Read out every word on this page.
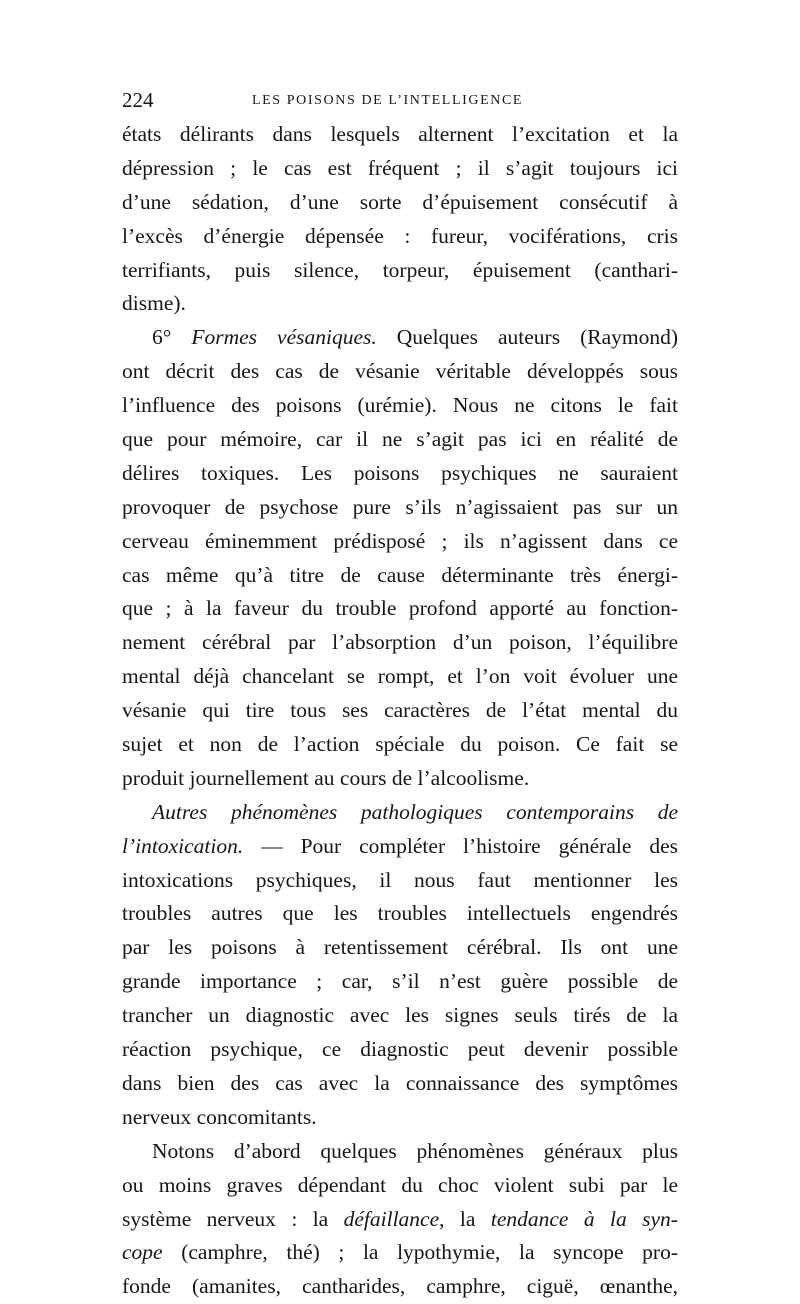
224	LES POISONS DE L’INTELLIGENCE
états délirants dans lesquels alternent l’excitation et la
dépression ; le cas est fréquent ; il s’agit toujours ici
d’une sédation, d’une sorte d’épuisement consécutif à
l’excès d’énergie dépensée : fureur, vociférations, cris
terrifiants, puis silence, torpeur, épuisement (canthari-
disme).
6° Formes vésaniques. Quelques auteurs (Raymond)
ont décrit des cas de vésanie véritable développés sous
l’influence des poisons (urémie). Nous ne citons le fait
que pour mémoire, car il ne s’agit pas ici en réalité de
délires toxiques. Les poisons psychiques ne sauraient
provoquer de psychose pure s’ils n’agissaient pas sur un
cerveau éminemment prédisposé ; ils n’agissent dans ce
cas même qu’à titre de cause déterminante très énergi-
que ; à la faveur du trouble profond apporté au fonction-
nement cérébral par l’absorption d’un poison, l’équilibre
mental déjà chancelant se rompt, et l’on voit évoluer une
vésanie qui tire tous ses caractères de l’état mental du
sujet et non de l’action spéciale du poison. Ce fait se
produit journellement au cours de l’alcoolisme.
Autres phénomènes pathologiques contemporains de
l’intoxication. — Pour compléter l’histoire générale des
intoxications psychiques, il nous faut mentionner les
troubles autres que les troubles intellectuels engendrés
par les poisons à retentissement cérébral. Ils ont une
grande importance ; car, s’il n’est guère possible de
trancher un diagnostic avec les signes seuls tirés de la
réaction psychique, ce diagnostic peut devenir possible
dans bien des cas avec la connaissance des symptômes
nerveux concomitants.
Notons d’abord quelques phénomènes généraux plus
ou moins graves dépendant du choc violent subi par le
système nerveux : la défaillance, la tendance à la syn-
cope (camphre, thé) ; la lypothymie, la syncope pro-
fonde (amanites, cantharides, camphre, ciguë, œnanthe,
